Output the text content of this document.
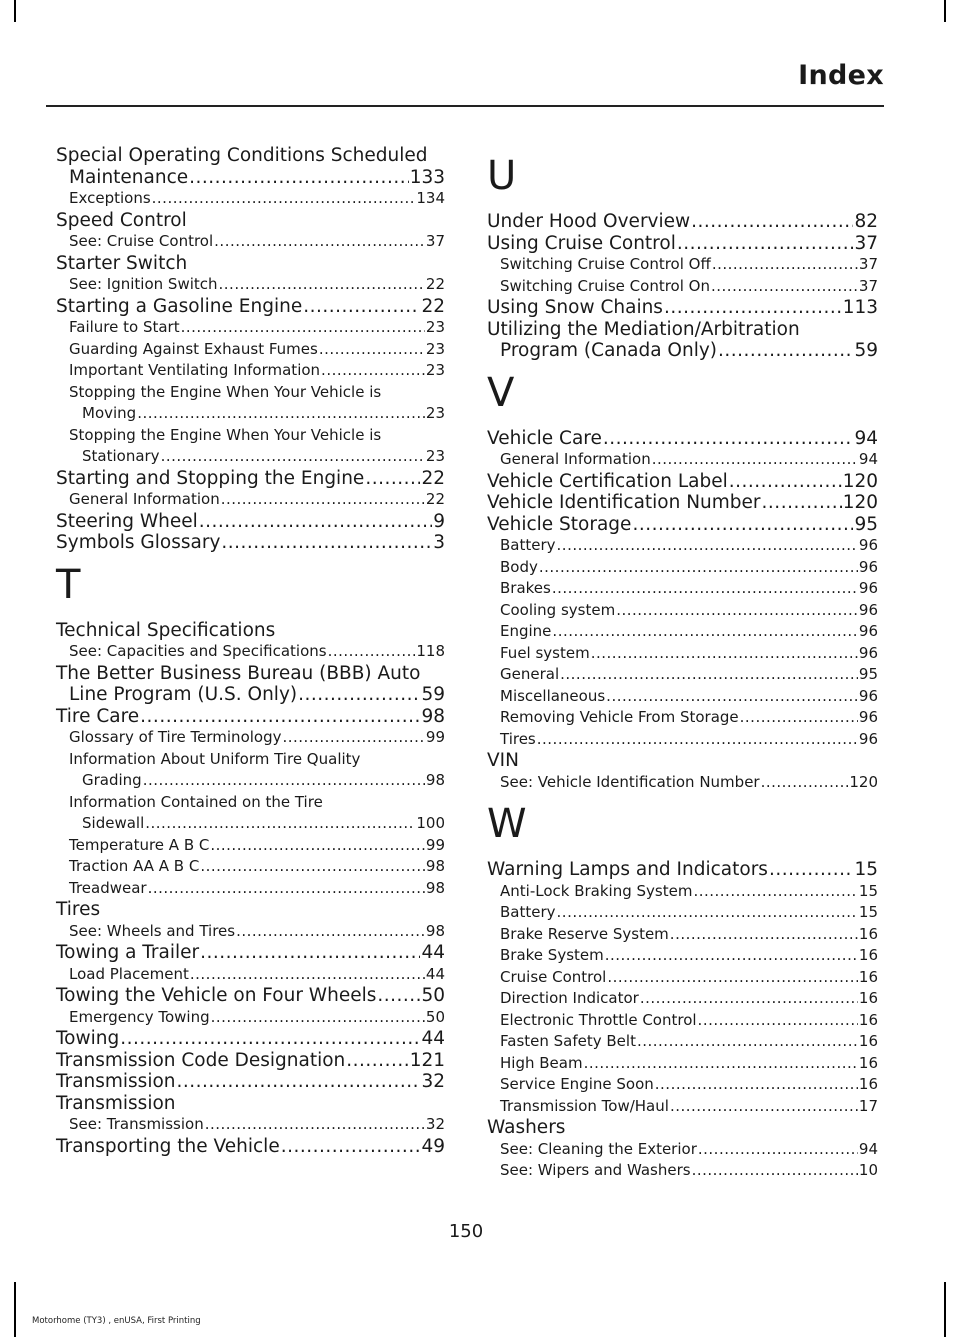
Index
Special Operating Conditions Scheduled
Maintenance .....	133
Exceptions .....	134
Speed Control
See: Cruise Control .....	37
Starter Switch
See: Ignition Switch .....	22
Starting a Gasoline Engine .....	22
Failure to Start .....	23
Guarding Against Exhaust Fumes .....	23
Important Ventilating Information .....	23
Stopping the Engine When Your Vehicle is
Moving .....	23
Stopping the Engine When Your Vehicle is
Stationary .....	23
Starting and Stopping the Engine .....	22
General Information .....	22
Steering Wheel .....	9
Symbols Glossary .....	3
T
Technical Specifications
See: Capacities and Specifications .....	118
The Better Business Bureau (BBB) Auto
Line Program (U.S. Only) .....	59
Tire Care .....	98
Glossary of Tire Terminology .....	99
Information About Uniform Tire Quality
Grading .....	98
Information Contained on the Tire
Sidewall .....	100
Temperature A B C .....	99
Traction AA A B C .....	98
Treadwear .....	98
Tires
See: Wheels and Tires .....	98
Towing a Trailer .....	44
Load Placement .....	44
Towing the Vehicle on Four Wheels ..... 50
Emergency Towing .....	50
Towing .....	44
Transmission Code Designation .....	121
Transmission .....	32
Transmission
See: Transmission .....	32
Transporting the Vehicle .....	49
U
Under Hood Overview .....	82
Using Cruise Control .....	37
Switching Cruise Control Off .....	37
Switching Cruise Control On .....	37
Using Snow Chains .....	113
Utilizing the Mediation/Arbitration
Program (Canada Only) .....	59
V
Vehicle Care .....	94
General Information .....	94
Vehicle Certification Label .....	120
Vehicle Identification Number .....	120
Vehicle Storage .....	95
Battery .....	96
Body .....	96
Brakes .....	96
Cooling system .....	96
Engine .....	96
Fuel system .....	96
General .....	95
Miscellaneous .....	96
Removing Vehicle From Storage .....	96
Tires .....	96
VIN
See: Vehicle Identification Number .....	120
W
Warning Lamps and Indicators .....	15
Anti-Lock Braking System .....	15
Battery .....	15
Brake Reserve System .....	16
Brake System .....	16
Cruise Control .....	16
Direction Indicator .....	16
Electronic Throttle Control .....	16
Fasten Safety Belt .....	16
High Beam .....	16
Service Engine Soon .....	16
Transmission Tow/Haul .....	17
Washers
See: Cleaning the Exterior .....	94
See: Wipers and Washers .....	10
150
Motorhome (TY3) , enUSA, First Printing
